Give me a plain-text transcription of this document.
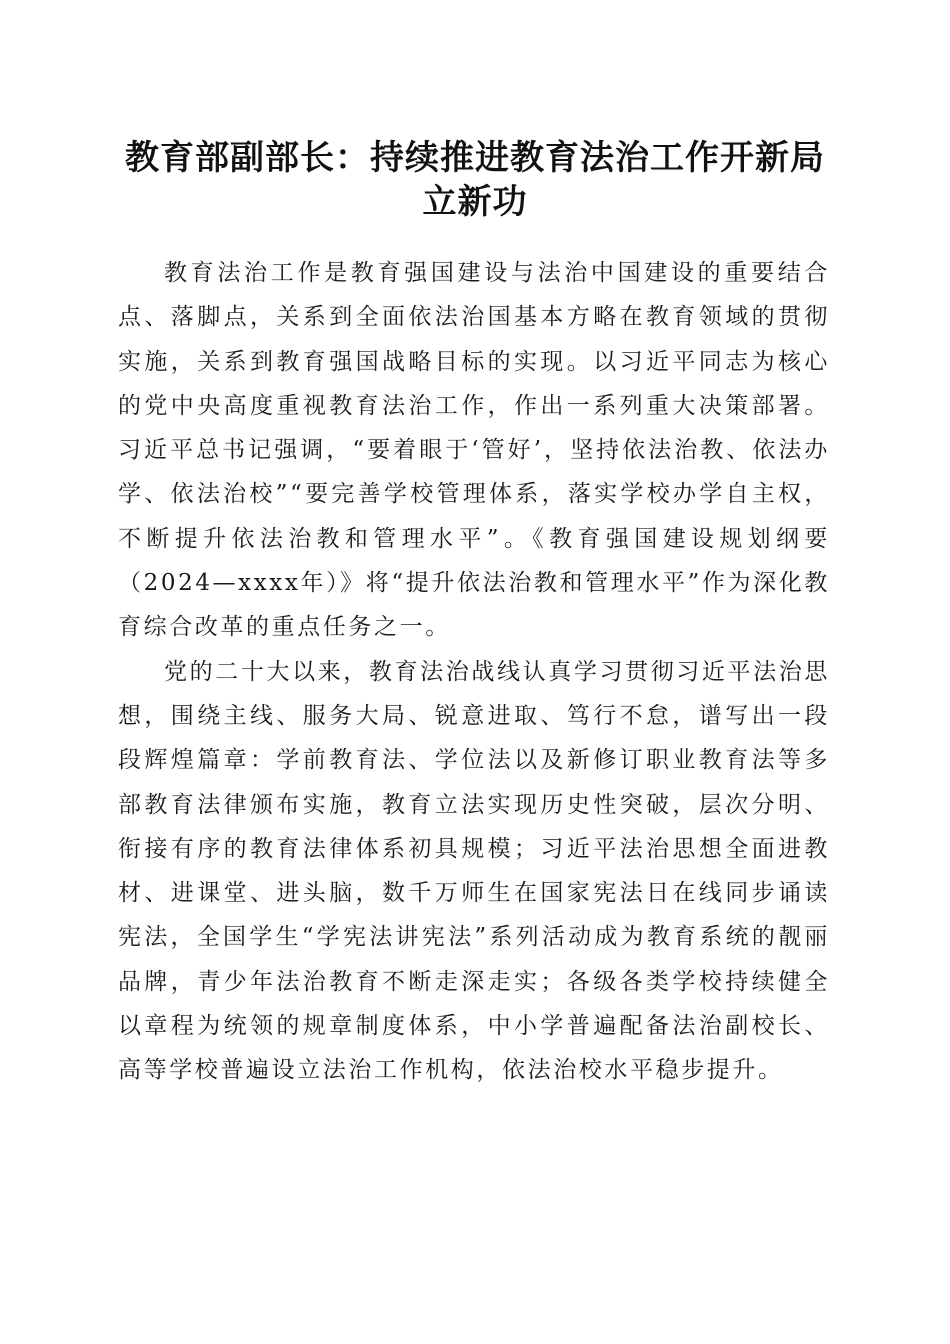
教育部副部长：持续推进教育法治工作开新局立新功

教育法治工作是教育强国建设与法治中国建设的重要结合点、落脚点，关系到全面依法治国基本方略在教育领域的贯彻实施，关系到教育强国战略目标的实现。以习近平同志为核心的党中央高度重视教育法治工作，作出一系列重大决策部署。习近平总书记强调，“要着眼于‘管好’，坚持依法治教、依法办学、依法治校”“要完善学校管理体系，落实学校办学自主权，不断提升依法治教和管理水平”。《教育强国建设规划纲要（2024—xxxx年）》将“提升依法治教和管理水平”作为深化教育综合改革的重点任务之一。

党的二十大以来，教育法治战线认真学习贯彻习近平法治思想，围绕主线、服务大局、锐意进取、笃行不怠，谱写出一段段辉煌篇章：学前教育法、学位法以及新修订职业教育法等多部教育法律颁布实施，教育立法实现历史性突破，层次分明、衔接有序的教育法律体系初具规模；习近平法治思想全面进教材、进课堂、进头脑，数千万师生在国家宪法日在线同步诵读宪法，全国学生“学宪法讲宪法”系列活动成为教育系统的靓丽品牌，青少年法治教育不断走深走实；各级各类学校持续健全以章程为统领的规章制度体系，中小学普遍配备法治副校长、高等学校普遍设立法治工作机构，依法治校水平稳步提升。
